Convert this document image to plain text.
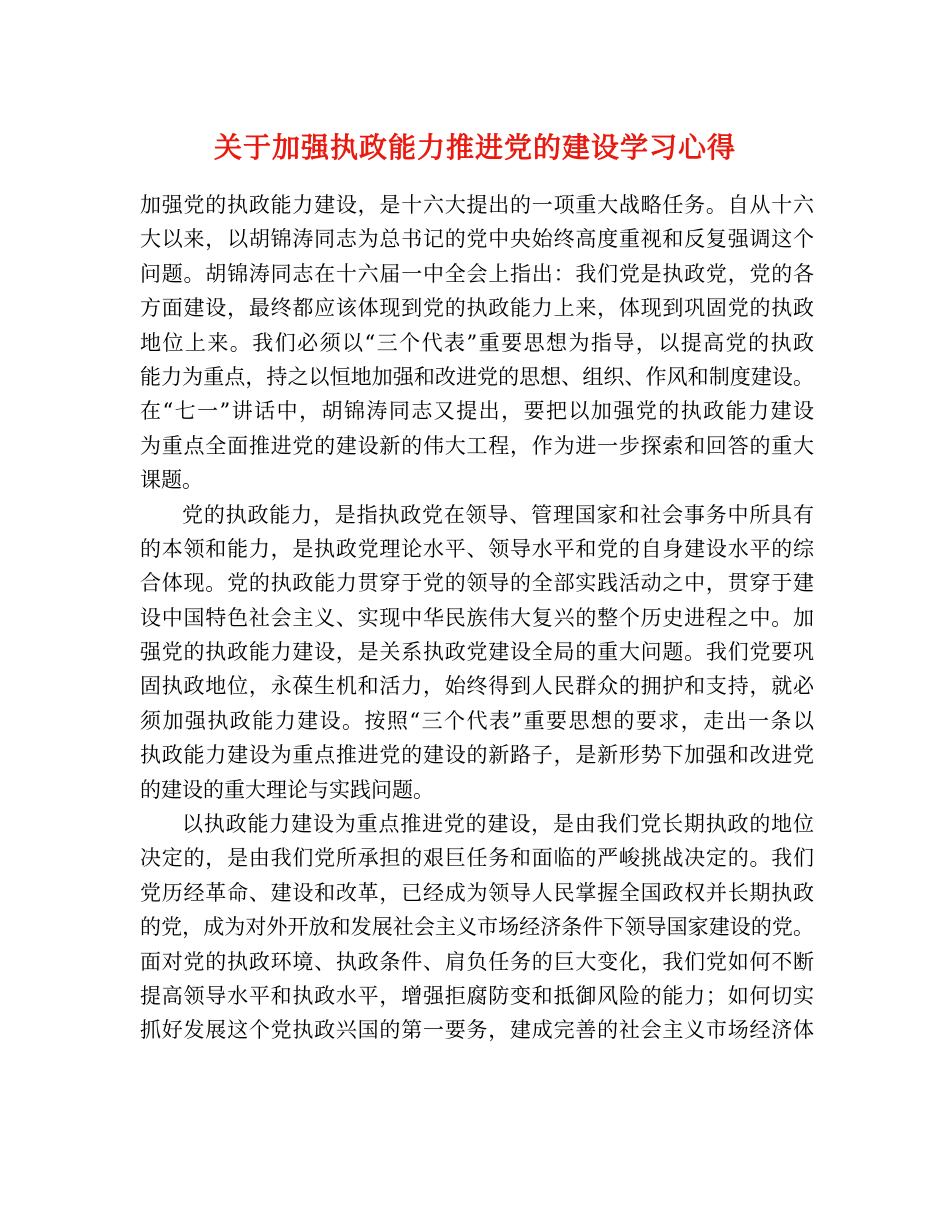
关于加强执政能力推进党的建设学习心得
加强党的执政能力建设，是十六大提出的一项重大战略任务。自从十六
大以来，以胡锦涛同志为总书记的党中央始终高度重视和反复强调这个
问题。胡锦涛同志在十六届一中全会上指出：我们党是执政党，党的各
方面建设，最终都应该体现到党的执政能力上来，体现到巩固党的执政
地位上来。我们必须以“三个代表”重要思想为指导，以提高党的执政
能力为重点，持之以恒地加强和改进党的思想、组织、作风和制度建设。
在“七一”讲话中，胡锦涛同志又提出，要把以加强党的执政能力建设
为重点全面推进党的建设新的伟大工程，作为进一步探索和回答的重大
课题。
党的执政能力，是指执政党在领导、管理国家和社会事务中所具有
的本领和能力，是执政党理论水平、领导水平和党的自身建设水平的综
合体现。党的执政能力贯穿于党的领导的全部实践活动之中，贯穿于建
设中国特色社会主义、实现中华民族伟大复兴的整个历史进程之中。加
强党的执政能力建设，是关系执政党建设全局的重大问题。我们党要巩
固执政地位，永葆生机和活力，始终得到人民群众的拥护和支持，就必
须加强执政能力建设。按照“三个代表”重要思想的要求，走出一条以
执政能力建设为重点推进党的建设的新路子，是新形势下加强和改进党
的建设的重大理论与实践问题。
以执政能力建设为重点推进党的建设，是由我们党长期执政的地位
决定的，是由我们党所承担的艰巨任务和面临的严峻挑战决定的。我们
党历经革命、建设和改革，已经成为领导人民掌握全国政权并长期执政
的党，成为对外开放和发展社会主义市场经济条件下领导国家建设的党。
面对党的执政环境、执政条件、肩负任务的巨大变化，我们党如何不断
提高领导水平和执政水平，增强拒腐防变和抵御风险的能力；如何切实
抓好发展这个党执政兴国的第一要务，建成完善的社会主义市场经济体
